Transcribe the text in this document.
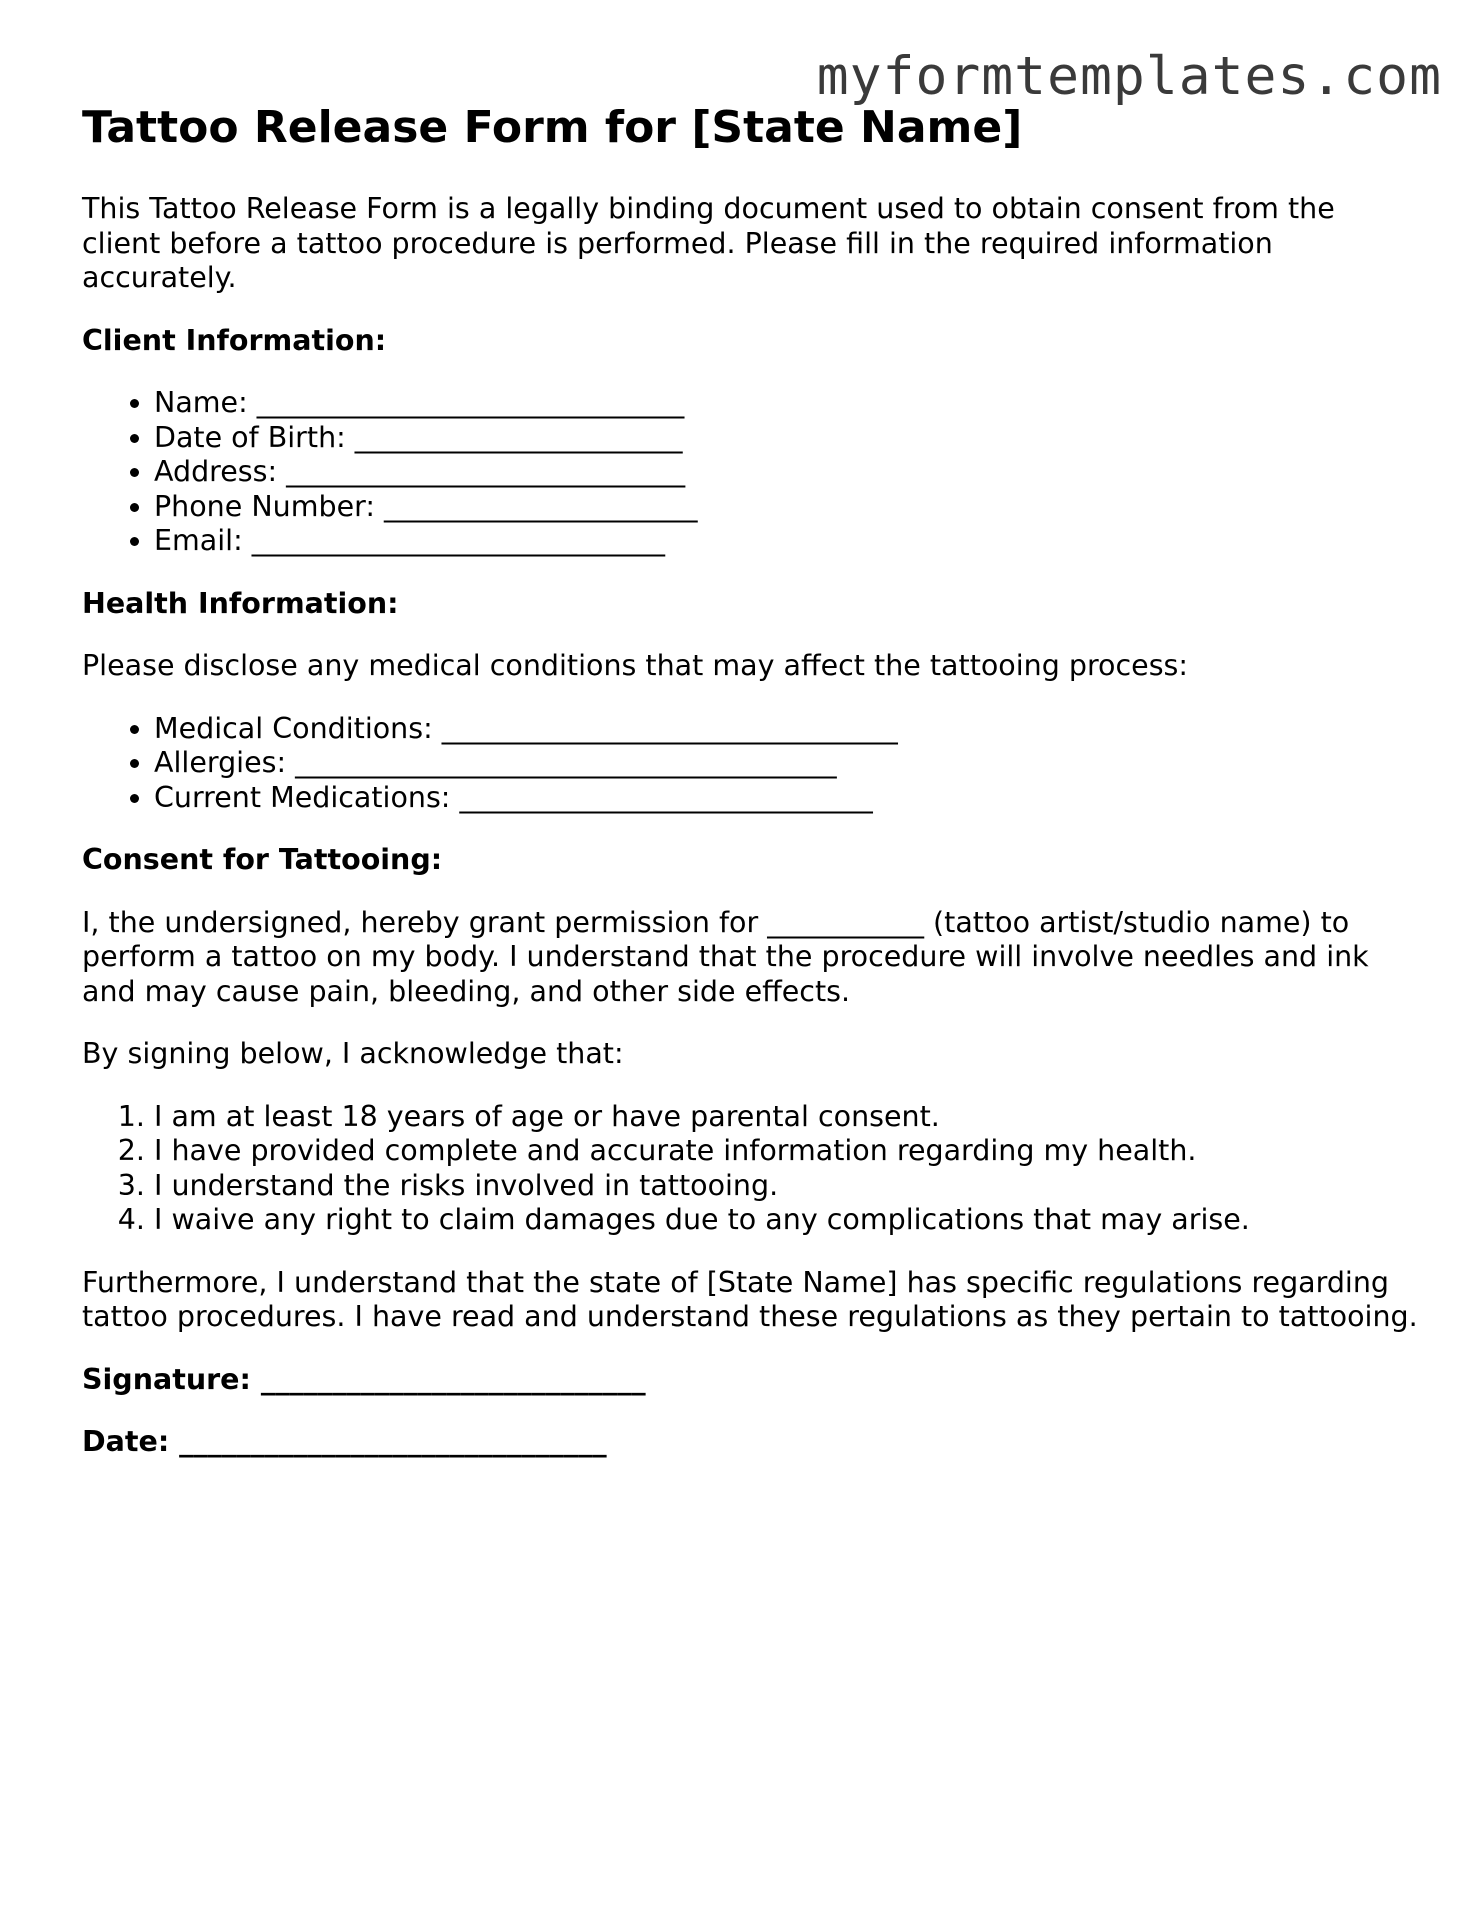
myformtemplates.com
Tattoo Release Form for [State Name]

This Tattoo Release Form is a legally binding document used to obtain consent from the client before a tattoo procedure is performed. Please fill in the required information accurately.

Client Information:
• Name: ______________________________
• Date of Birth: _______________________
• Address: ____________________________
• Phone Number: ______________________
• Email: _____________________________
Health Information:

Please disclose any medical conditions that may affect the tattooing process:

• Medical Conditions: ________________________________
• Allergies: ______________________________________
• Current Medications: _____________________________
Consent for Tattooing:

I, the undersigned, hereby grant permission for ___________ (tattoo artist/studio name) to perform a tattoo on my body. I understand that the procedure will involve needles and ink and may cause pain, bleeding, and other side effects.

By signing below, I acknowledge that:

1. I am at least 18 years of age or have parental consent.
2. I have provided complete and accurate information regarding my health.
3. I understand the risks involved in tattooing.
4. I waive any right to claim damages due to any complications that may arise.

Furthermore, I understand that the state of [State Name] has specific regulations regarding tattoo procedures. I have read and understand these regulations as they pertain to tattooing.

Signature: ___________________________
Date: ______________________________
